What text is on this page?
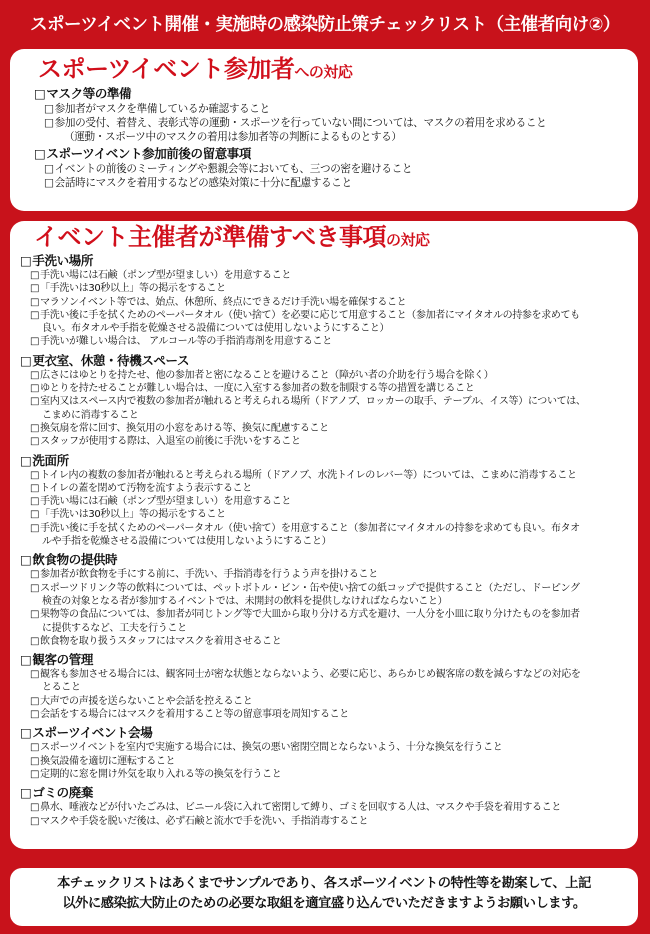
スポーツイベント開催・実施時の感染防止策チェックリスト（主催者向け②）
スポーツイベント参加者への対応
□マスク等の準備
□参加者がマスクを準備しているか確認すること
□参加の受付、着替え、表彰式等の運動・スポーツを行っていない間については、マスクの着用を求めること
（運動・スポーツ中のマスクの着用は参加者等の判断によるものとする）
□スポーツイベント参加前後の留意事項
□イベントの前後のミーティングや懇親会等においても、三つの密を避けること
□会話時にマスクを着用するなどの感染対策に十分に配慮すること
イベント主催者が準備すべき事項の対応
□手洗い場所
□手洗い場には石鹸（ポンプ型が望ましい）を用意すること
□「手洗いは30秒以上」等の掲示をすること
□マラソンイベント等では、始点、休憩所、終点にできるだけ手洗い場を確保すること
□手洗い後に手を拭くためのペーパータオル（使い捨て）を必要に応じて用意すること（参加者にマイタオルの持参を求めても
良い。布タオルや手指を乾燥させる設備については使用しないようにすること）
□手洗いが難しい場合は、 アルコール等の手指消毒剤を用意すること
□更衣室、休憩・待機スペース
□広さにはゆとりを持たせ、他の参加者と密になることを避けること（障がい者の介助を行う場合を除く）
□ゆとりを持たせることが難しい場合は、一度に入室する参加者の数を制限する等の措置を講じること
□室内又はスペース内で複数の参加者が触れると考えられる場所（ドアノブ、ロッカーの取手、テーブル、イス等）については、
こまめに消毒すること
□換気扇を常に回す、換気用の小窓をあける等、換気に配慮すること
□スタッフが使用する際は、入退室の前後に手洗いをすること
□洗面所
□トイレ内の複数の参加者が触れると考えられる場所（ドアノブ、水洗トイレのレバー等）については、こまめに消毒すること
□トイレの蓋を閉めて汚物を流すよう表示すること
□手洗い場には石鹸（ポンプ型が望ましい）を用意すること
□「手洗いは30秒以上」等の掲示をすること
□手洗い後に手を拭くためのペーパータオル（使い捨て）を用意すること（参加者にマイタオルの持参を求めても良い。布タオ
ルや手指を乾燥させる設備については使用しないようにすること）
□飲食物の提供時
□参加者が飲食物を手にする前に、手洗い、手指消毒を行うよう声を掛けること
□スポーツドリンク等の飲料については、ペットボトル・ビン・缶や使い捨ての紙コップで提供すること（ただし、ドーピング
検査の対象となる者が参加するイベントでは、未開封の飲料を提供しなければならないこと）
□果物等の食品については、参加者が同じトング等で大皿から取り分ける方式を避け、一人分を小皿に取り分けたものを参加者
に提供するなど、工夫を行うこと
□飲食物を取り扱うスタッフにはマスクを着用させること
□観客の管理
□観客も参加させる場合には、観客同士が密な状態とならないよう、必要に応じ、あらかじめ観客席の数を減らすなどの対応を
とること
□大声での声援を送らないことや会話を控えること
□会話をする場合にはマスクを着用すること等の留意事項を周知すること
□スポーツイベント会場
□スポーツイベントを室内で実施する場合には、換気の悪い密閉空間とならないよう、十分な換気を行うこと
□換気設備を適切に運転すること
□定期的に窓を開け外気を取り入れる等の換気を行うこと
□ゴミの廃棄
□鼻水、唾液などが付いたごみは、ビニール袋に入れて密閉して縛り、ゴミを回収する人は、マスクや手袋を着用すること
□マスクや手袋を脱いだ後は、必ず石鹸と流水で手を洗い、手指消毒すること
本チェックリストはあくまでサンプルであり、各スポーツイベントの特性等を勘案して、上記
以外に感染拡大防止のための必要な取組を適宜盛り込んでいただきますようお願いします。
